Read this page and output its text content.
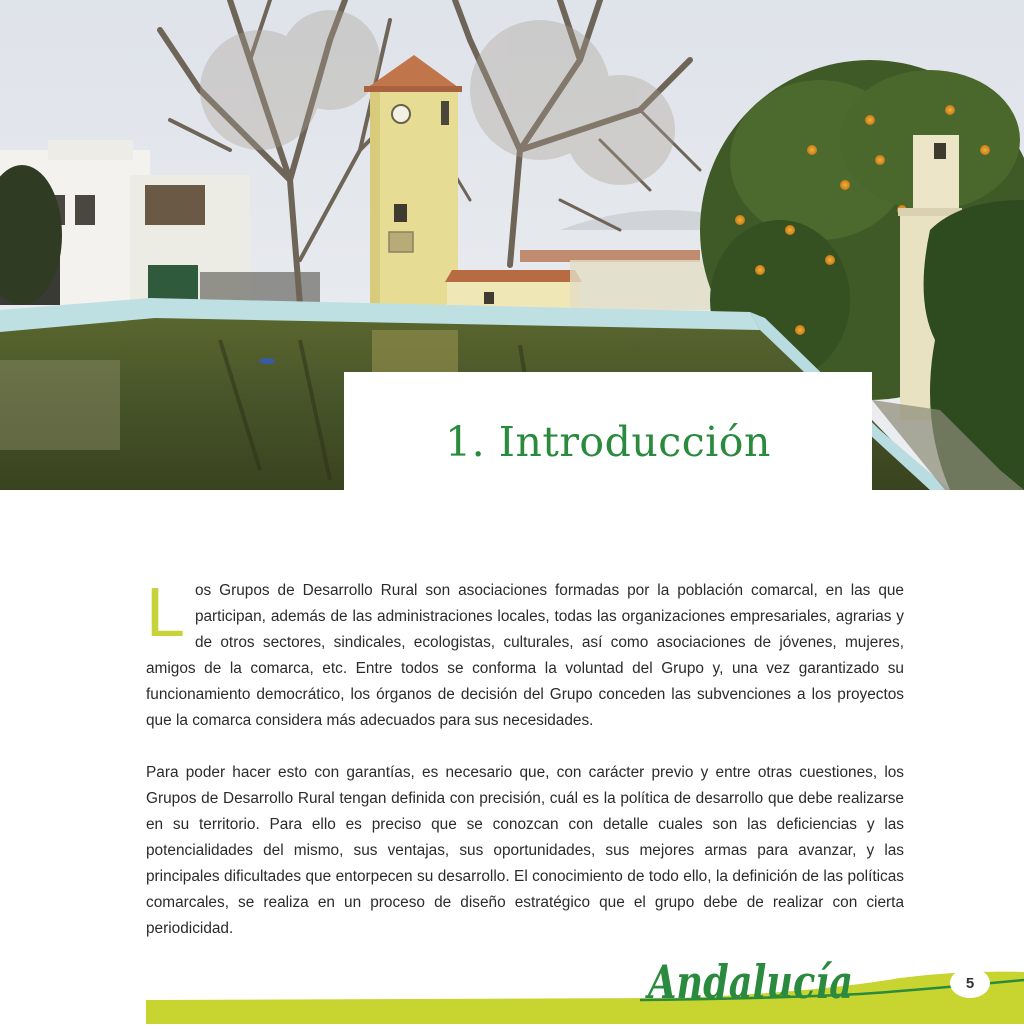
1. Introducción

Los Grupos de Desarrollo Rural son asociaciones formadas por la población comarcal, en las que participan, además de las administraciones locales, todas las organizaciones empresariales, agrarias y de otros sectores, sindicales, ecologistas, culturales, así como asociaciones de jóvenes, mujeres, amigos de la comarca, etc. Entre todos se conforma la voluntad del Grupo y, una vez garantizado su funcionamiento democrático, los órganos de decisión del Grupo conceden las subvenciones a los proyectos que la comarca considera más adecuados para sus necesidades.

Para poder hacer esto con garantías, es necesario que, con carácter previo y entre otras cuestiones, los Grupos de Desarrollo Rural tengan definida con precisión, cuál es la política de desarrollo que debe realizarse en su territorio. Para ello es preciso que se conozcan con detalle cuales son las deficiencias y las potencialidades del mismo, sus ventajas, sus oportunidades, sus mejores armas para avanzar, y las principales dificultades que entorpecen su desarrollo. El conocimiento de todo ello, la definición de las políticas comarcales, se realiza en un proceso de diseño estratégico que el grupo debe de realizar con cierta periodicidad.

Andalucía	5
